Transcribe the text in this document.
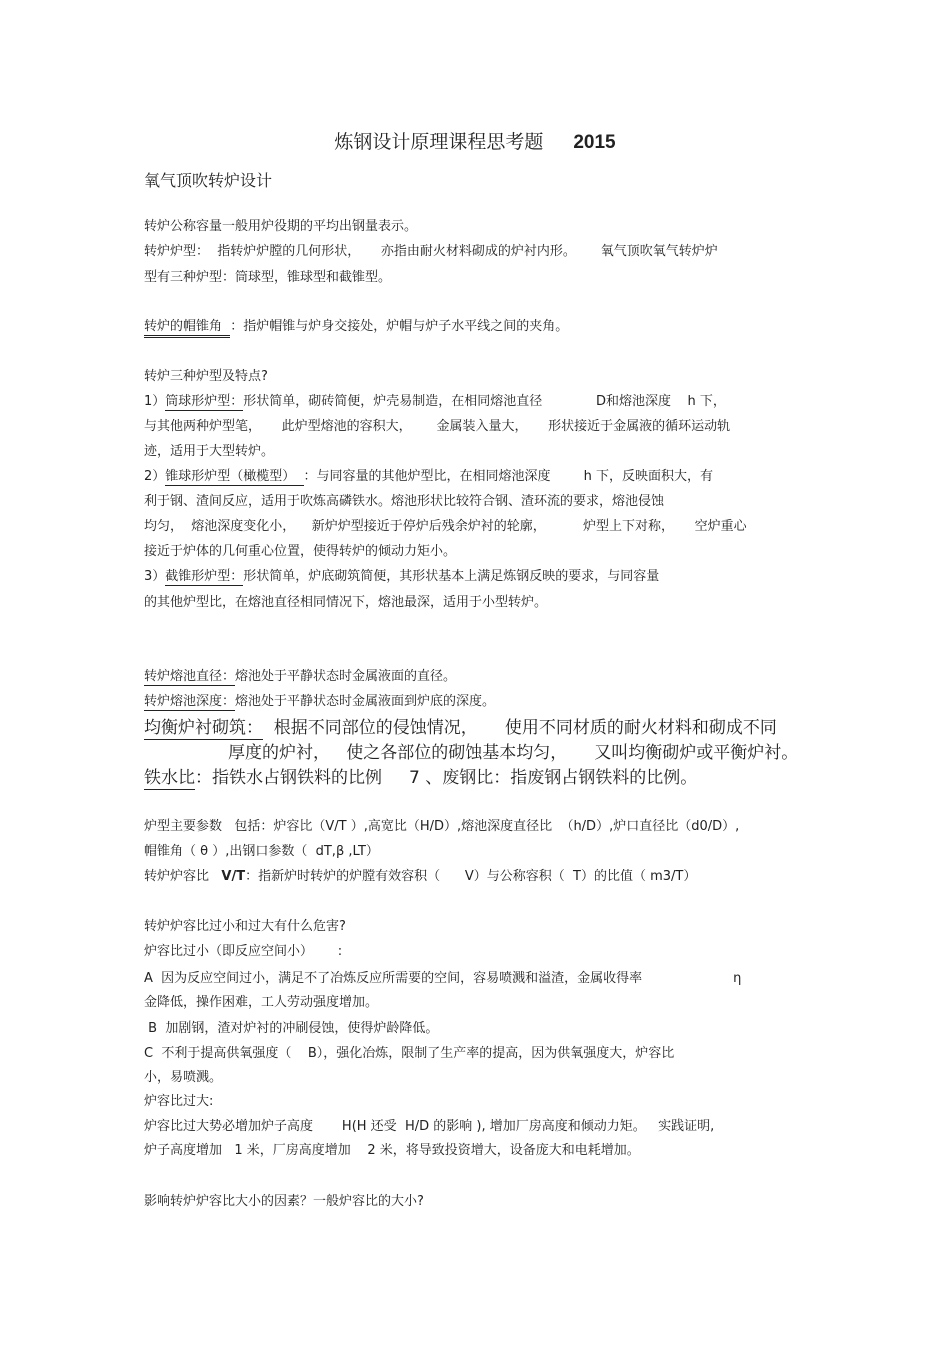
炼钢设计原理课程思考题 2015
氧气顶吹转炉设计
转炉公称容量一般用炉役期的平均出钢量表示。
转炉炉型：  指转炉炉膛的几何形状，     亦指由耐火材料砌成的炉衬内形。      氧气顶吹氧气转炉炉
型有三种炉型：筒球型，锥球型和截锥型。
转炉的帽锥角  ：指炉帽锥与炉身交接处，炉帽与炉子水平线之间的夹角。
转炉三种炉型及特点?
1）筒球形炉型：形状简单，砌砖简便，炉壳易制造，在相同熔池直径             D和熔池深度    h 下，
与其他两种炉型笔，     此炉型熔池的容积大，      金属装入量大，     形状接近于金属液的循环运动轨
迹，适用于大型转炉。
2）锥球形炉型（橄榄型）  ：与同容量的其他炉型比，在相同熔池深度        h 下，反映面积大，有
利于钢、渣间反应，适用于吹炼高磷铁水。熔池形状比较符合钢、渣环流的要求，熔池侵蚀
均匀，  熔池深度变化小，    新炉炉型接近于停炉后残余炉衬的轮廓，         炉型上下对称，     空炉重心
接近于炉体的几何重心位置，使得转炉的倾动力矩小。
3）截锥形炉型：形状简单，炉底砌筑简便，其形状基本上满足炼钢反映的要求，与同容量
的其他炉型比，在熔池直径相同情况下，熔池最深，适用于小型转炉。
转炉熔池直径：熔池处于平静状态时金属液面的直径。
转炉熔池深度：熔池处于平静状态时金属液面到炉底的深度。
均衡炉衬砌筑：  根据不同部位的侵蚀情况，     使用不同材质的耐火材料和砌成不同
厚度的炉衬，   使之各部位的砌蚀基本均匀，     又叫均衡砌炉或平衡炉衬。
铁水比：指铁水占钢铁料的比例     7 、废钢比：指废钢占钢铁料的比例。
炉型主要参数   包括：炉容比（V/T ）,高宽比（H/D）,熔池深度直径比  （h/D）,炉口直径比（d0/D）,
帽锥角（ θ ）,出钢口参数（  dT,β ,LT）
转炉炉容比   V/T：指新炉时转炉的炉膛有效容积（      V）与公称容积（  T）的比值（ m3/T）
转炉炉容比过小和过大有什么危害?
炉容比过小（即反应空间小）      :
A  因为反应空间过小，满足不了冶炼反应所需要的空间，容易喷溅和溢渣，金属收得率                      η
金降低，操作困难，工人劳动强度增加。
B  加剧钢，渣对炉衬的冲刷侵蚀，使得炉龄降低。
C  不利于提高供氧强度（    B），强化冶炼，限制了生产率的提高，因为供氧强度大，炉容比
小，易喷溅。
炉容比过大:
炉容比过大势必增加炉子高度       H(H 还受  H/D 的影响 ), 增加厂房高度和倾动力矩。   实践证明,
炉子高度增加   1 米，厂房高度增加    2 米，将导致投资增大，设备庞大和电耗增加。
影响转炉炉容比大小的因素？一般炉容比的大小?
